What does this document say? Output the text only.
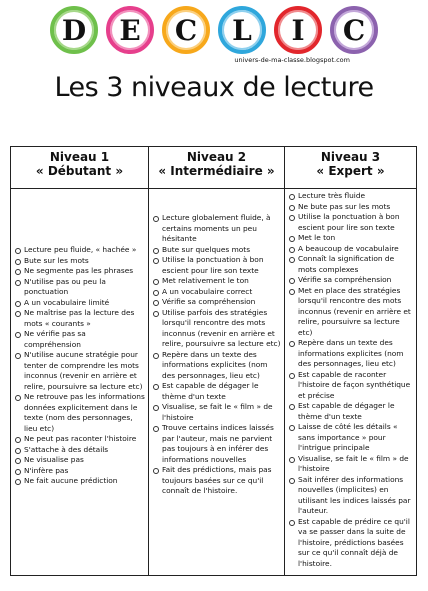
D	E	C	L	I	C
univers-de-ma-classe.blogspot.com
Les 3 niveaux de lecture
Niveau 1
« Débutant »
Lecture peu fluide, « hachée »
Bute sur les mots
Ne segmente pas les phrases
N'utilise pas ou peu la ponctuation
A un vocabulaire limité
Ne maîtrise pas la lecture des mots « courants »
Ne vérifie pas sa compréhension
N'utilise aucune stratégie pour tenter de comprendre les mots inconnus (revenir en arrière et relire, poursuivre sa lecture etc)
Ne retrouve pas les informations données explicitement dans le texte (nom des personnages, lieu etc)
Ne peut pas raconter l'histoire
S'attache à des détails
Ne visualise pas
N'infère pas
Ne fait aucune prédiction
Niveau 2
« Intermédiaire »
Lecture globalement fluide, à certains moments un peu hésitante
Bute sur quelques mots
Utilise la ponctuation à bon escient pour lire son texte
Met relativement le ton
A un vocabulaire correct
Vérifie sa compréhension
Utilise parfois des stratégies lorsqu'il rencontre des mots inconnus (revenir en arrière et relire, poursuivre sa lecture etc)
Repère dans un texte des informations explicites (nom des personnages, lieu etc)
Est capable de dégager le thème d'un texte
Visualise, se fait le « film » de l'histoire
Trouve certains indices laissés par l'auteur, mais ne parvient pas toujours à en inférer des informations nouvelles
Fait des prédictions, mais pas toujours basées sur ce qu'il connaît de l'histoire.
Niveau 3
« Expert »
Lecture très fluide
Ne bute pas sur les mots
Utilise la ponctuation à bon escient pour lire son texte
Met le ton
A beaucoup de vocabulaire
Connaît la signification de mots complexes
Vérifie sa compréhension
Met en place des stratégies lorsqu'il rencontre des mots inconnus (revenir en arrière et relire, poursuivre sa lecture etc)
Repère dans un texte des informations explicites (nom des personnages, lieu etc)
Est capable de raconter l'histoire de façon synthétique et précise
Est capable de dégager le thème d'un texte
Laisse de côté les détails « sans importance » pour l'intrigue principale
Visualise, se fait le « film » de l'histoire
Sait inférer des informations nouvelles (implicites) en utilisant les indices laissés par l'auteur.
Est capable de prédire ce qu'il va se passer dans la suite de l'histoire, prédictions basées sur ce qu'il connaît déjà de l'histoire.
